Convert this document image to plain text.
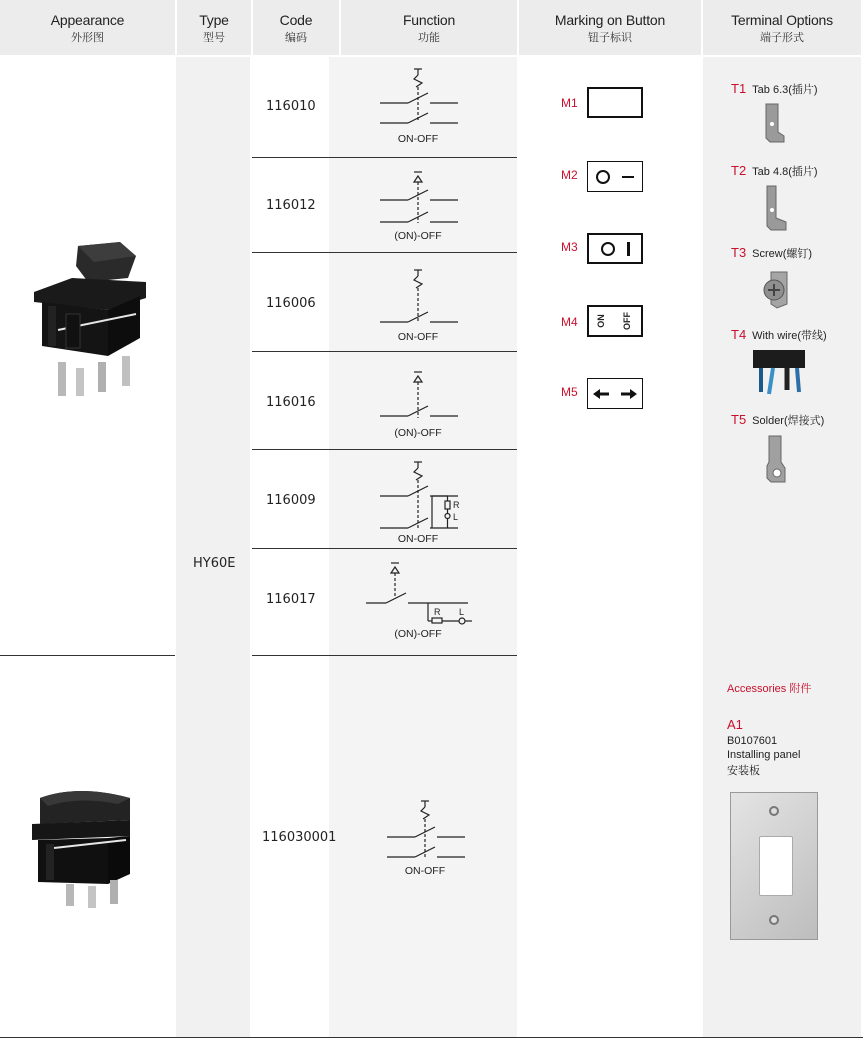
Appearance
外形图
Type
型号
Code
编码
Function
功能
Marking on Button
钮子标识
Terminal Options
端子形式
HY60E
116010
116012
116006
116016
116009
116017
116030001
ON-OFF
(ON)-OFF
ON-OFF
(ON)-OFF
R
L
ON-OFF
R L
(ON)-OFF
ON-OFF
M1
M2
M3
M4 ON OFF
M5
T1 Tab 6.3(插片)
T2 Tab 4.8(插片)
T3 Screw(螺钉)
T4 With wire(带线)
T5 Solder(焊接式)
Accessories 附件
A1
B0107601
Installing panel
安装板
